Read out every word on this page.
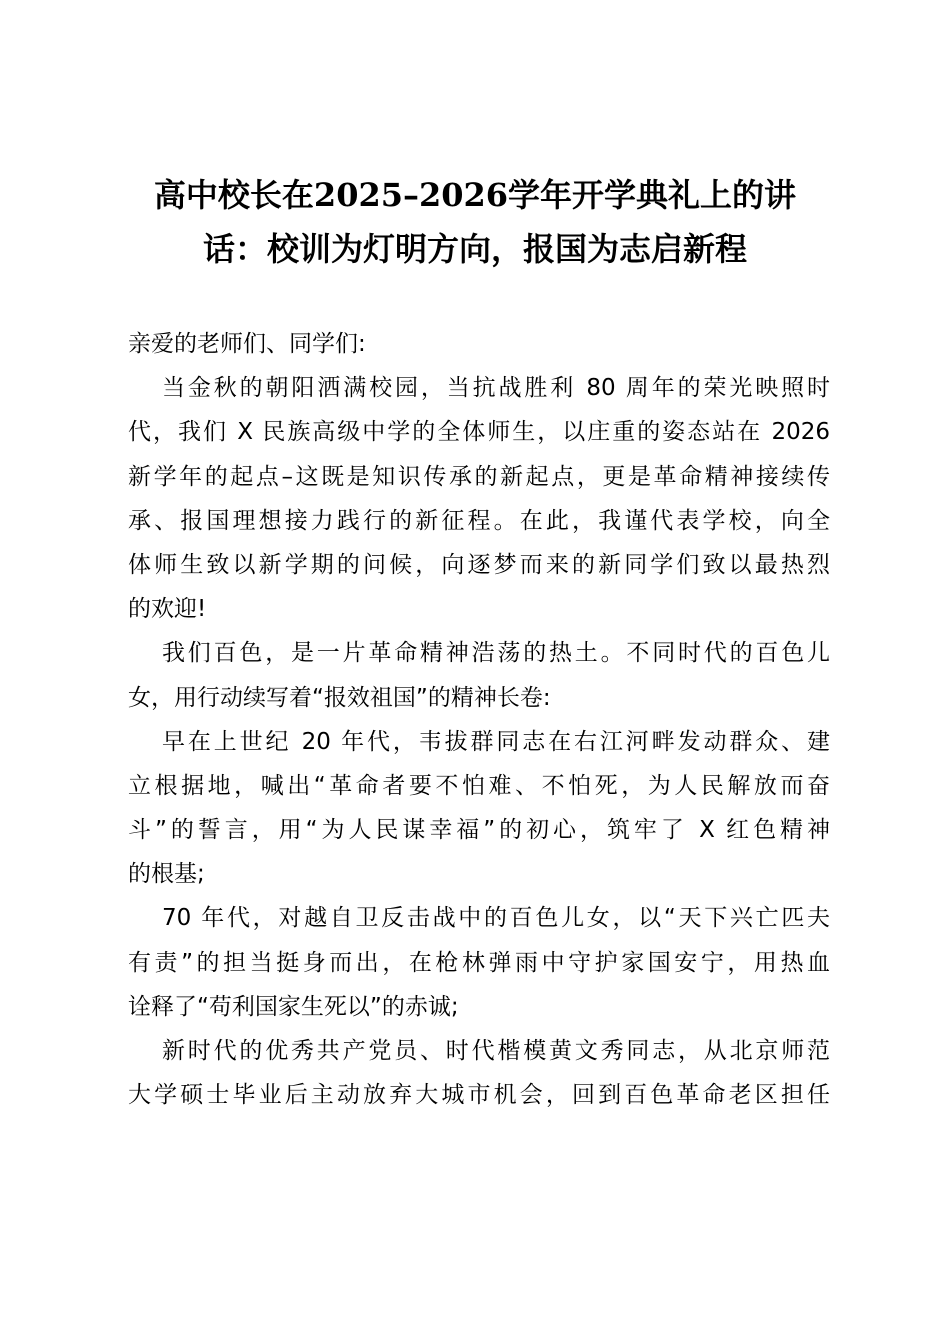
高中校长在2025–2026学年开学典礼上的讲
话：校训为灯明方向，报国为志启新程
亲爱的老师们、同学们:
当金秋的朝阳洒满校园，当抗战胜利 80 周年的荣光映照时
代，我们 X 民族高级中学的全体师生，以庄重的姿态站在 2026
新学年的起点–这既是知识传承的新起点，更是革命精神接续传
承、报国理想接力践行的新征程。在此，我谨代表学校，向全
体师生致以新学期的问候，向逐梦而来的新同学们致以最热烈
的欢迎!
我们百色，是一片革命精神浩荡的热土。不同时代的百色儿
女，用行动续写着“报效祖国”的精神长卷:
早在上世纪 20 年代，韦拔群同志在右江河畔发动群众、建
立根据地，喊出“革命者要不怕难、不怕死，为人民解放而奋
斗”的誓言，用“为人民谋幸福”的初心，筑牢了 X 红色精神
的根基;
70 年代，对越自卫反击战中的百色儿女，以“天下兴亡匹夫
有责”的担当挺身而出，在枪林弹雨中守护家国安宁，用热血
诠释了“苟利国家生死以”的赤诚;
新时代的优秀共产党员、时代楷模黄文秀同志，从北京师范
大学硕士毕业后主动放弃大城市机会，回到百色革命老区担任
